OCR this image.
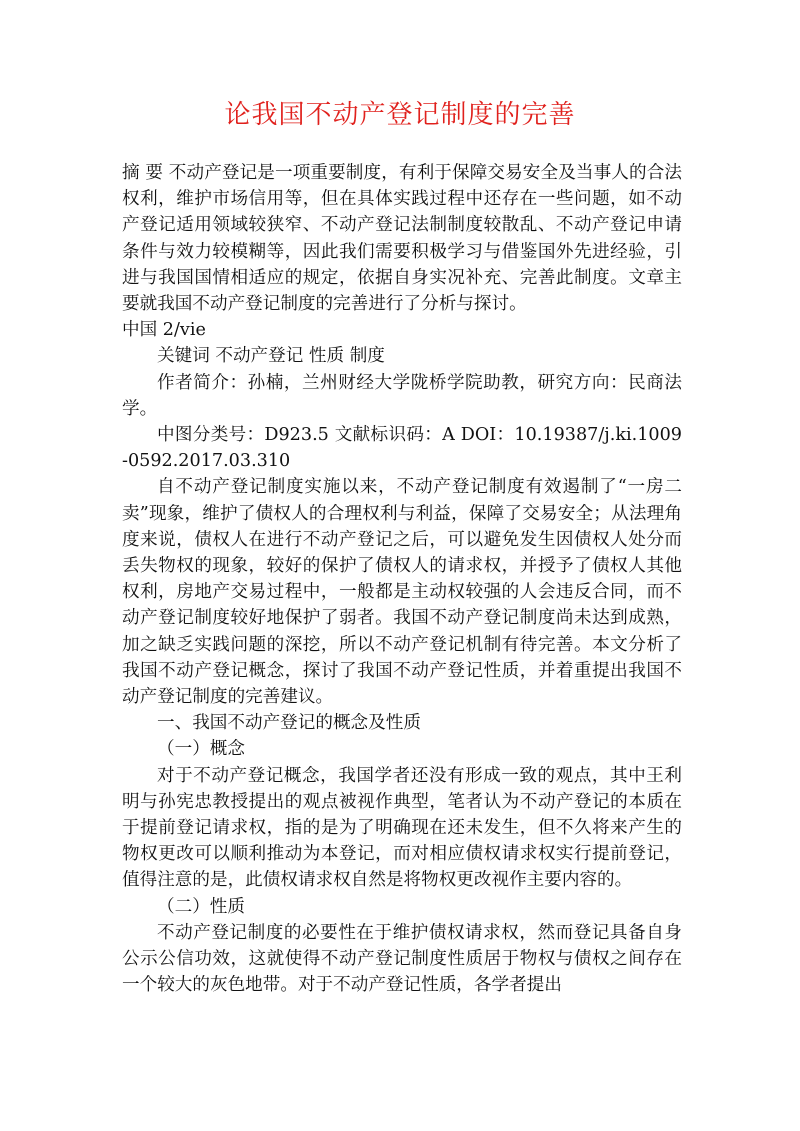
论我国不动产登记制度的完善

摘 要 不动产登记是一项重要制度，有利于保障交易安全及当事人的合法权利，维护市场信用等，但在具体实践过程中还存在一些问题，如不动产登记适用领域较狭窄、不动产登记法制制度较散乱、不动产登记申请条件与效力较模糊等，因此我们需要积极学习与借鉴国外先进经验，引进与我国国情相适应的规定，依据自身实况补充、完善此制度。文章主要就我国不动产登记制度的完善进行了分析与探讨。

中国 2/vie

关键词 不动产登记 性质 制度

作者简介：孙楠，兰州财经大学陇桥学院助教，研究方向：民商法学。

中图分类号：D923.5 文献标识码：A DOI：10.19387/j.ki.1009-0592.2017.03.310

自不动产登记制度实施以来，不动产登记制度有效遏制了“一房二卖”现象，维护了债权人的合理权利与利益，保障了交易安全；从法理角度来说，债权人在进行不动产登记之后，可以避免发生因债权人处分而丢失物权的现象，较好的保护了债权人的请求权，并授予了债权人其他权利，房地产交易过程中，一般都是主动权较强的人会违反合同，而不动产登记制度较好地保护了弱者。我国不动产登记制度尚未达到成熟，加之缺乏实践问题的深挖，所以不动产登记机制有待完善。本文分析了我国不动产登记概念，探讨了我国不动产登记性质，并着重提出我国不动产登记制度的完善建议。

一、我国不动产登记的概念及性质

（一）概念

对于不动产登记概念，我国学者还没有形成一致的观点，其中王利明与孙宪忠教授提出的观点被视作典型，笔者认为不动产登记的本质在于提前登记请求权，指的是为了明确现在还未发生，但不久将来产生的物权更改可以顺利推动为本登记，而对相应债权请求权实行提前登记，值得注意的是，此债权请求权自然是将物权更改视作主要内容的。

（二）性质

不动产登记制度的必要性在于维护债权请求权，然而登记具备自身公示公信功效，这就使得不动产登记制度性质居于物权与债权之间存在一个较大的灰色地带。对于不动产登记性质，各学者提出
